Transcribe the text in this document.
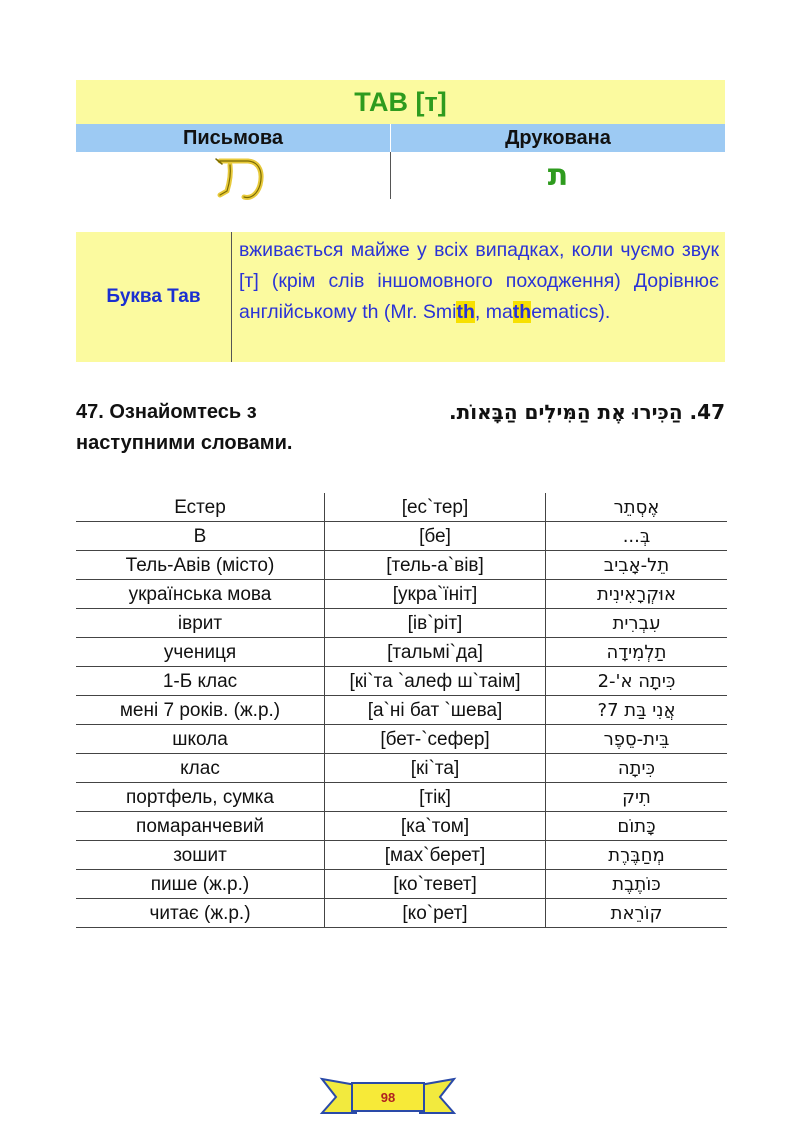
ТАВ [т]
Письмова	Друкована
ת
Буква Тав
вживається майже у всіх випадках, коли чуємо звук [т] (крім слів іншомовного походження) Дорівнює англійському th (Mr. Smith, mathematics).
47. Ознайомтесь з наступними словами.
47. הַכִּירוּ אֶת הַמִּילִים הַבָּאוֹת.
Естер	[ес`тер]	אֶסְתֵר
В	[бе]	בְּ...
Тель-Авів (місто)	[тель-а`вів]	תֵל-אָבִיב
українська мова	[укра`їніт]	אוּקְרָאִינִית
іврит	[ів`ріт]	עִבְרִית
учениця	[тальмі`да]	תַלְמִידָה
1-Б клас	[кі`та `алеф ш`таім]	כִּיתָה א'-2
мені 7 років. (ж.р.)	[а`ні бат `шева]	אֲנִי בַּת 7?
школа	[бет-`сефер]	בֵּית-סֵפֶר
клас	[кі`та]	כִּיתָה
портфель, сумка	[тік]	תִיק
помаранчевий	[ка`том]	כָּתוֹם
зошит	[мах`берет]	מְחַבֶּרֶת
пише (ж.р.)	[ко`тевет]	כּוֹתֶבֶת
читає (ж.р.)	[ко`рет]	קוֹרֵאת
98
